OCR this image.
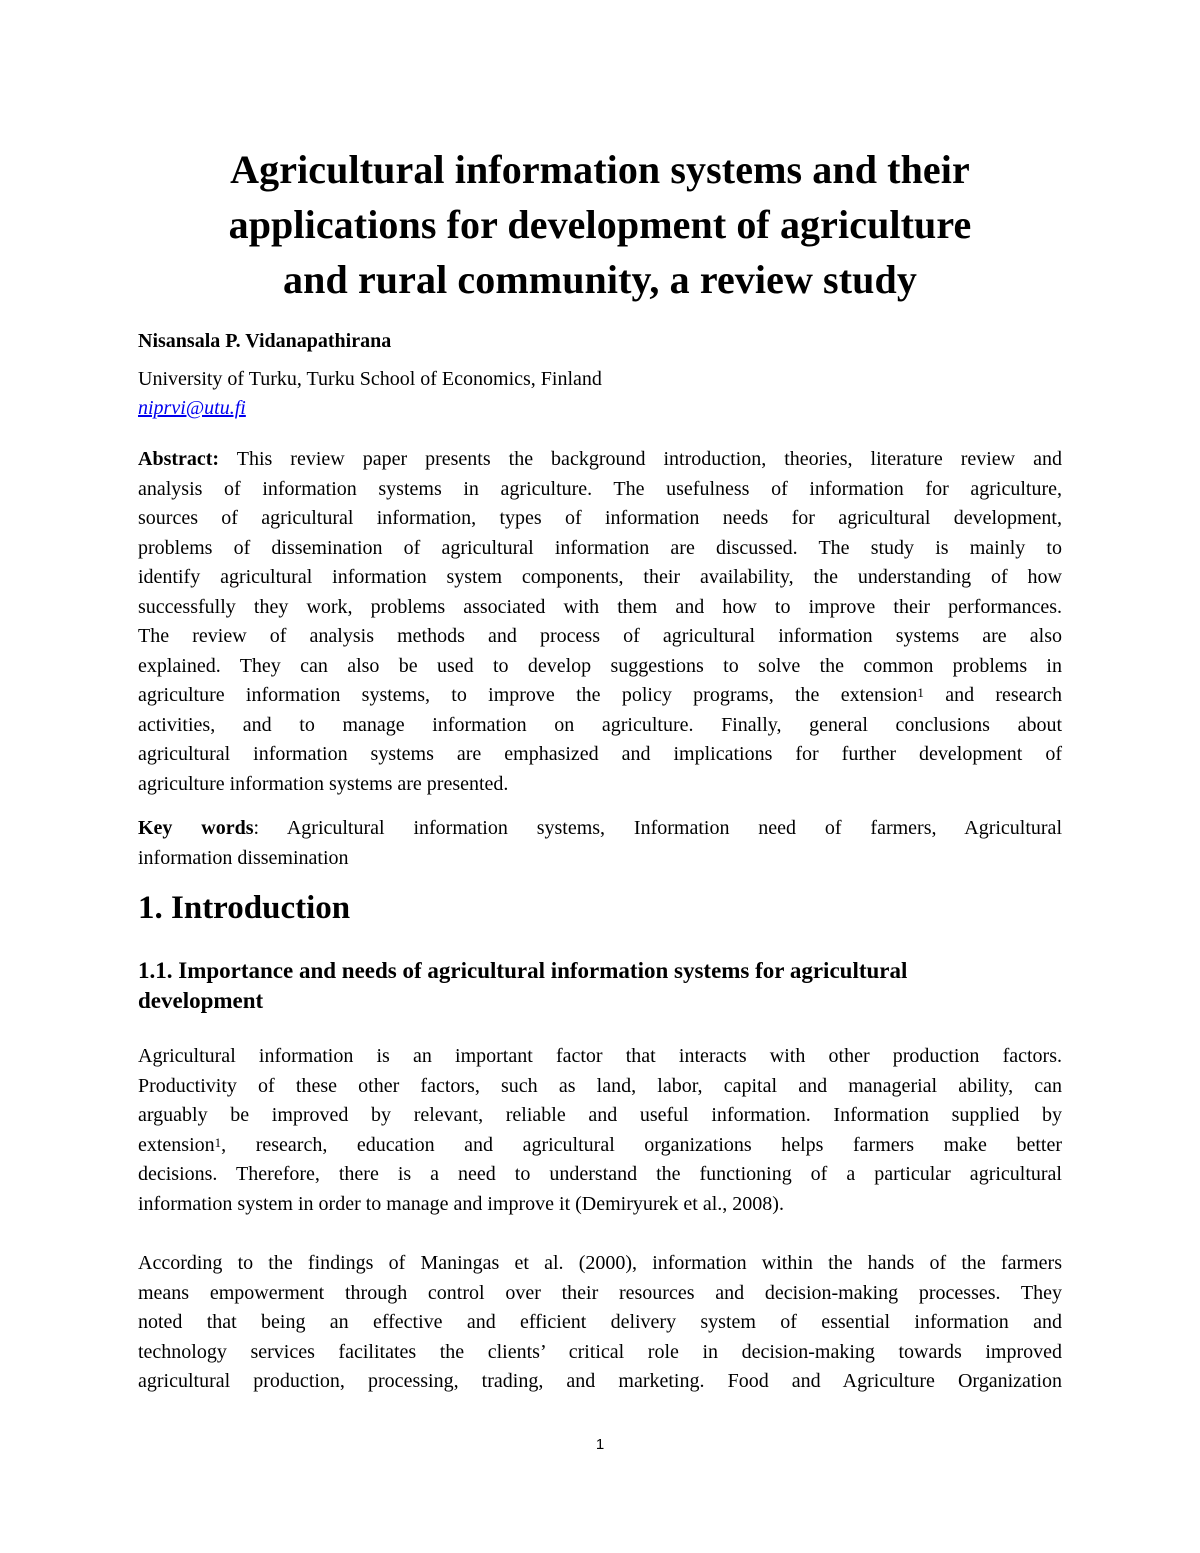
Agricultural information systems and their
applications for development of agriculture
and rural community, a review study
Nisansala P. Vidanapathirana
University of Turku, Turku School of Economics, Finland
niprvi@utu.fi
Abstract: This review paper presents the background introduction, theories, literature review and
analysis of information systems in agriculture. The usefulness of information for agriculture,
sources of agricultural information, types of information needs for agricultural development,
problems of dissemination of agricultural information are discussed. The study is mainly to
identify agricultural information system components, their availability, the understanding of how
successfully they work, problems associated with them and how to improve their performances.
The review of analysis methods and process of agricultural information systems are also
explained. They can also be used to develop suggestions to solve the common problems in
agriculture information systems, to improve the policy programs, the extension$^1$ and research
activities, and to manage information on agriculture. Finally, general conclusions about
agricultural information systems are emphasized and implications for further development of
agriculture information systems are presented.
Key words: Agricultural information systems, Information need of farmers, Agricultural
information dissemination
1. Introduction
1.1. Importance and needs of agricultural information systems for agricultural
development
Agricultural information is an important factor that interacts with other production factors.
Productivity of these other factors, such as land, labor, capital and managerial ability, can
arguably be improved by relevant, reliable and useful information. Information supplied by
extension$^1$, research, education and agricultural organizations helps farmers make better
decisions. Therefore, there is a need to understand the functioning of a particular agricultural
information system in order to manage and improve it (Demiryurek et al., 2008).
According to the findings of Maningas et al. (2000), information within the hands of the farmers
means empowerment through control over their resources and decision-making processes. They
noted that being an effective and efficient delivery system of essential information and
technology services facilitates the clients’ critical role in decision-making towards improved
agricultural production, processing, trading, and marketing. Food and Agriculture Organization
1
